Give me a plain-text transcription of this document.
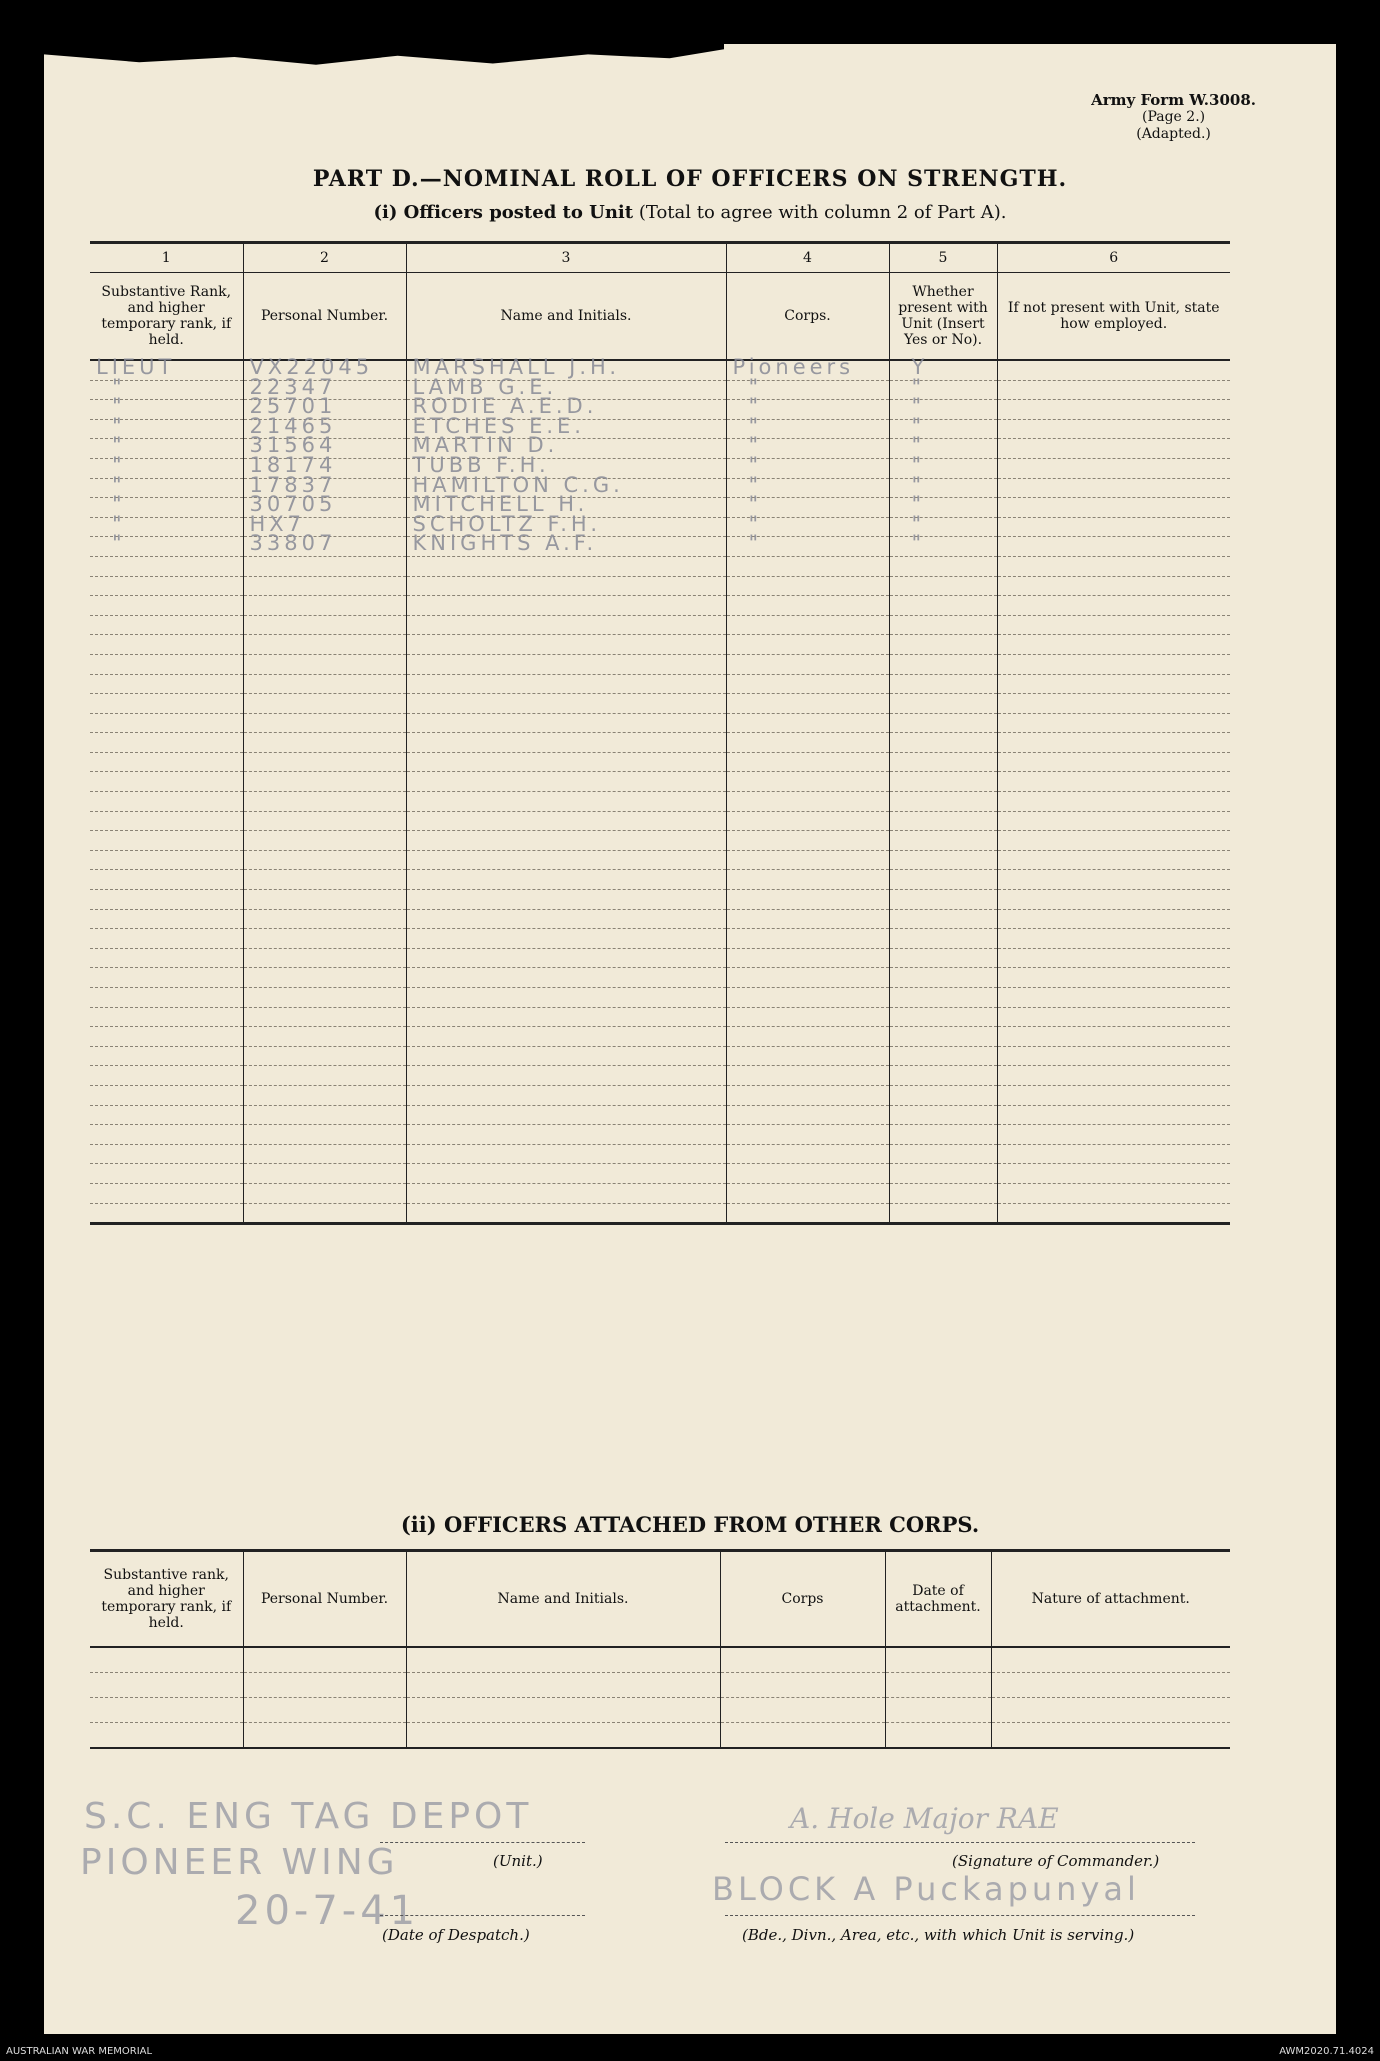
Army Form W.3008.
(Page 2.)
(Adapted.)
PART D.—NOMINAL ROLL OF OFFICERS ON STRENGTH.
(i) Officers posted to Unit (Total to agree with column 2 of Part A).
1	2	3	4	5	6
Substantive Rank, and higher temporary rank, if held.	Personal Number.	Name and Initials.	Corps.	Whether present with Unit (Insert Yes or No).	If not present with Unit, state how employed.

LIEUT	VX22045	MARSHALL J.H.	Pioneers	Y	

"	22347	LAMB G.E.	"	"	

"	25701	RODIE A.E.D.	"	"	

"	21465	ETCHES E.E.	"	"	

"	31564	MARTIN D.	"	"	

"	18174	TUBB F.H.	"	"	

"	17837	HAMILTON C.G.	"	"	

"	30705	MITCHELL H.	"	"	

"	HX7	SCHOLTZ F.H.	"	"	

"	33807	KNIGHTS A.F.	"	"	

(ii) OFFICERS ATTACHED FROM OTHER CORPS.
Substantive rank, and higher temporary rank, if held.	Personal Number.	Name and Initials.	Corps	Date of attachment.	Nature of attachment.

S.C. ENG TAG DEPOT
PIONEER WING	(Unit.)
20-7-41
(Date of Despatch.)
A. Hole Major RAE
(Signature of Commander.)
BLOCK A Puckapunyal
(Bde., Divn., Area, etc., with which Unit is serving.)
AUSTRALIAN WAR MEMORIAL	AWM2020.71.4024
